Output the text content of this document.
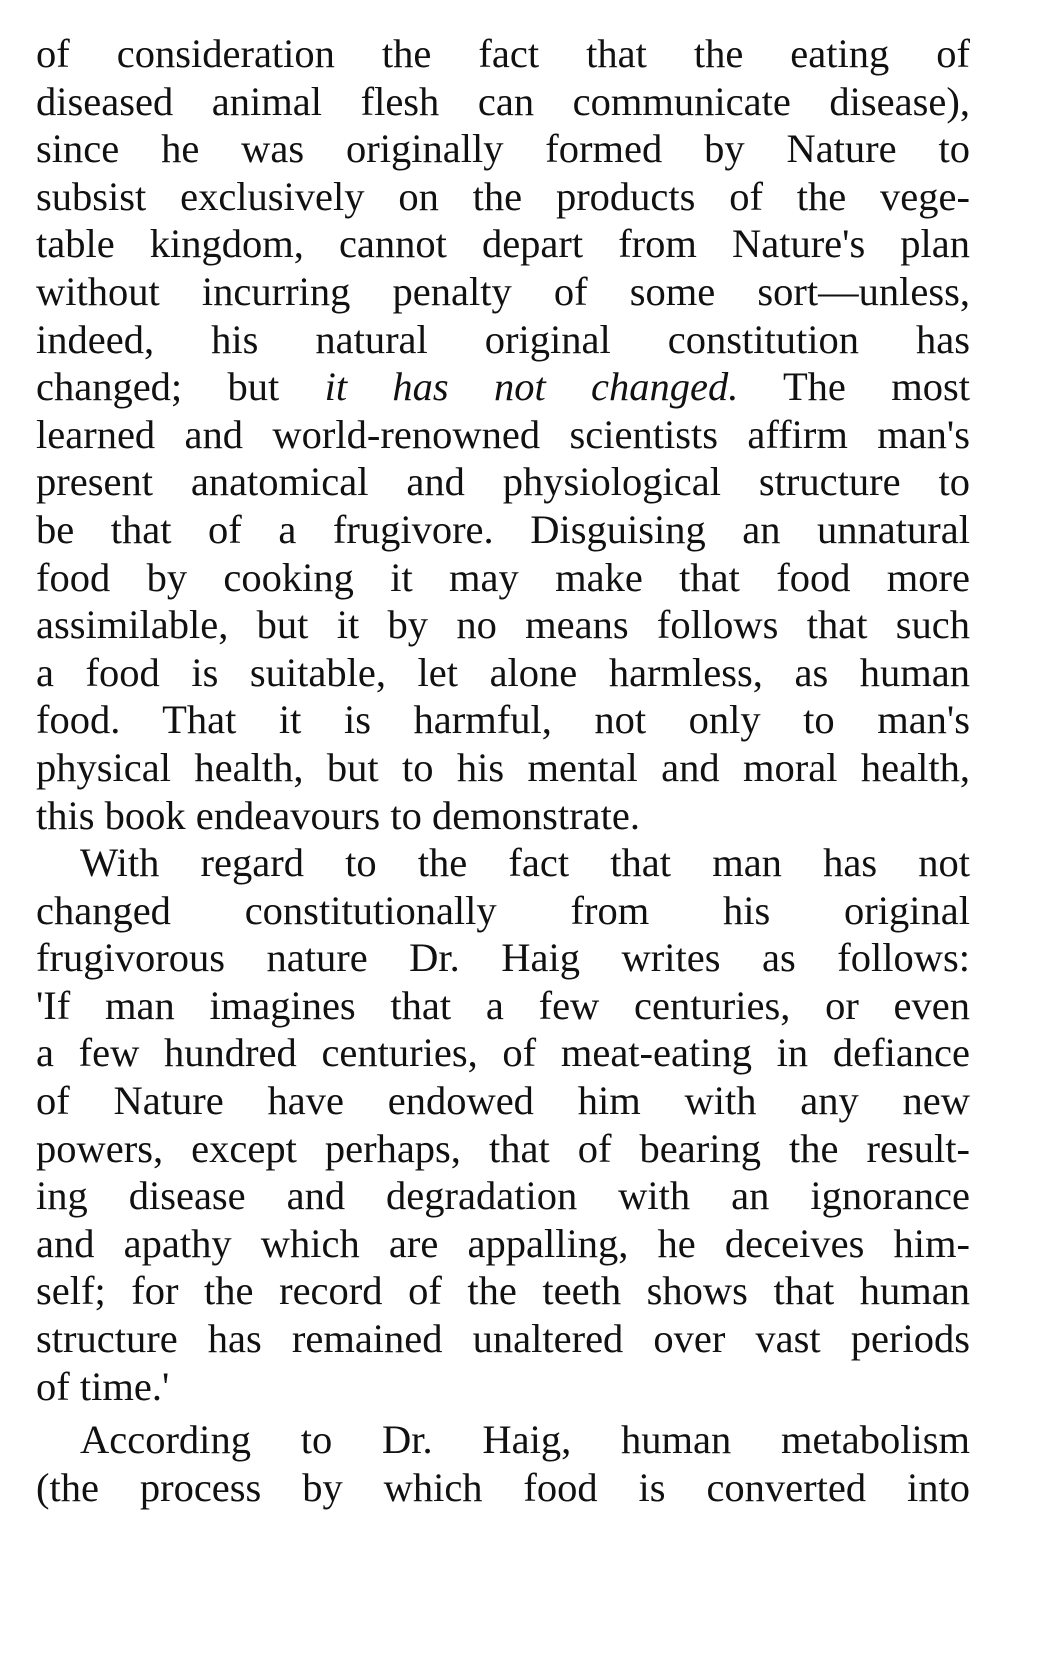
of consideration the fact that the eating of
diseased animal flesh can communicate disease),
since he was originally formed by Nature to
subsist exclusively on the products of the vege-
table kingdom, cannot depart from Nature's plan
without incurring penalty of some sort—unless,
indeed, his natural original constitution has
changed; but it has not changed. The most
learned and world-renowned scientists affirm man's
present anatomical and physiological structure to
be that of a frugivore. Disguising an unnatural
food by cooking it may make that food more
assimilable, but it by no means follows that such
a food is suitable, let alone harmless, as human
food. That it is harmful, not only to man's
physical health, but to his mental and moral health,
this book endeavours to demonstrate.

With regard to the fact that man has not
changed constitutionally from his original
frugivorous nature Dr. Haig writes as follows:
'If man imagines that a few centuries, or even
a few hundred centuries, of meat-eating in defiance
of Nature have endowed him with any new
powers, except perhaps, that of bearing the result-
ing disease and degradation with an ignorance
and apathy which are appalling, he deceives him-
self; for the record of the teeth shows that human
structure has remained unaltered over vast periods
of time.'

According to Dr. Haig, human metabolism
(the process by which food is converted into
